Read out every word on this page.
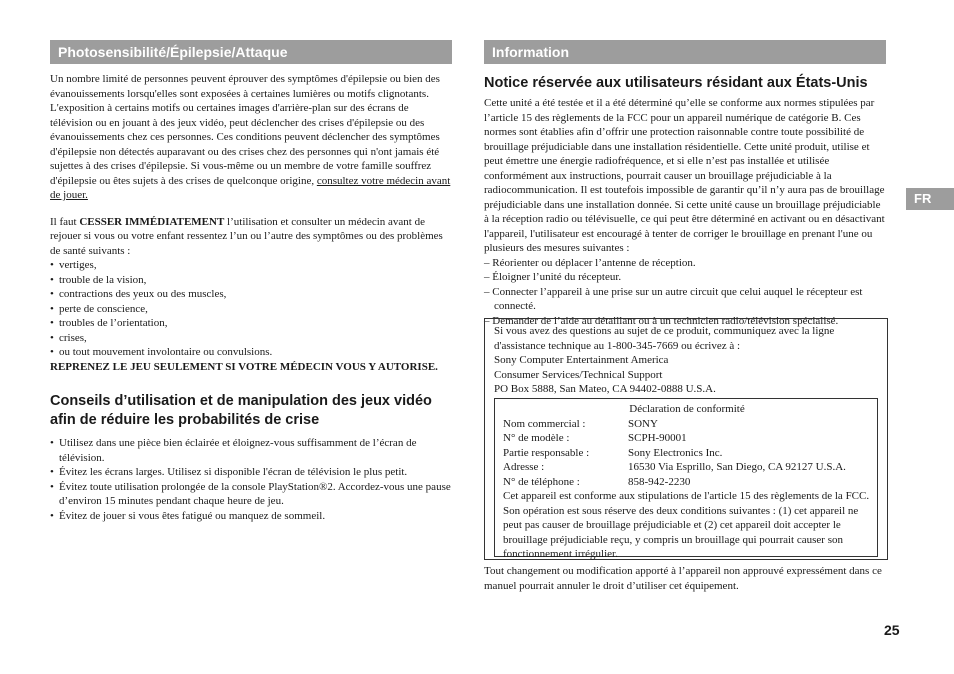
Photosensibilité/Épilepsie/Attaque

Un nombre limité de personnes peuvent éprouver des symptômes d'épilepsie ou bien des évanouissements lorsqu'elles sont exposées à certaines lumières ou motifs clignotants. L'exposition à certains motifs ou certaines images d'arrière-plan sur des écrans de télévision ou en jouant à des jeux vidéo, peut déclencher des crises d'épilepsie ou des évanouissements chez ces personnes. Ces conditions peuvent déclencher des symptômes d'épilepsie non détectés auparavant ou des crises chez des personnes qui n'ont jamais été sujettes à des crises d'épilepsie. Si vous-même ou un membre de votre famille souffrez d'épilepsie ou êtes sujets à des crises de quelconque origine, consultez votre médecin avant de jouer.

Il faut CESSER IMMÉDIATEMENT l’utilisation et consulter un médecin avant de rejouer si vous ou votre enfant ressentez l’un ou l’autre des symptômes ou des problèmes de santé suivants :

• vertiges,
• trouble de la vision,
• contractions des yeux ou des muscles,
• perte de conscience,
• troubles de l’orientation,
• crises,
• ou tout mouvement involontaire ou convulsions.
REPRENEZ LE JEU SEULEMENT SI VOTRE MÉDECIN VOUS Y AUTORISE.
Conseils d’utilisation et de manipulation des jeux vidéo afin de réduire les probabilités de crise
• Utilisez dans une pièce bien éclairée et éloignez-vous suffisamment de l’écran de télévision.
• Évitez les écrans larges. Utilisez si disponible l'écran de télévision le plus petit.
• Évitez toute utilisation prolongée de la console PlayStation®2. Accordez-vous une pause d’environ 15 minutes pendant chaque heure de jeu.
• Évitez de jouer si vous êtes fatigué ou manquez de sommeil.
Information
Notice réservée aux utilisateurs résidant aux États-Unis
Cette unité a été testée et il a été déterminé qu’elle se conforme aux normes stipulées par l’article 15 des règlements de la FCC pour un appareil numérique de catégorie B. Ces normes sont établies afin d’offrir une protection raisonnable contre toute possibilité de brouillage préjudiciable dans une installation résidentielle. Cette unité produit, utilise et peut émettre une énergie radiofréquence, et si elle n’est pas installée et utilisée conformément aux instructions, pourrait causer un brouillage préjudiciable à la radiocommunication. Il est toutefois impossible de garantir qu’il n’y aura pas de brouillage préjudiciable dans une installation donnée. Si cette unité cause un brouillage préjudiciable à la réception radio ou télévisuelle, ce qui peut être déterminé en activant ou en désactivant l'appareil, l'utilisateur est encouragé à tenter de corriger le brouillage en prenant l'une ou plusieurs des mesures suivantes :
– Réorienter ou déplacer l’antenne de réception.
– Éloigner l’unité du récepteur.
– Connecter l’appareil à une prise sur un autre circuit que celui auquel le récepteur est connecté.
– Demander de l’aide au détaillant ou à un technicien radio/télévision spécialisé.
Si vous avez des questions au sujet de ce produit, communiquez avec la ligne d'assistance technique au 1-800-345-7669 ou écrivez à :
Sony Computer Entertainment America
Consumer Services/Technical Support
PO Box 5888, San Mateo, CA 94402-0888 U.S.A.
Déclaration de conformité
Nom commercial :	SONY
N° de modèle :	SCPH-90001
Partie responsable :	Sony Electronics Inc.
Adresse :	16530 Via Esprillo, San Diego, CA 92127 U.S.A.
N° de téléphone :	858-942-2230
Cet appareil est conforme aux stipulations de l'article 15 des règlements de la FCC. Son opération est sous réserve des deux conditions suivantes : (1) cet appareil ne peut pas causer de brouillage préjudiciable et (2) cet appareil doit accepter le brouillage préjudiciable reçu, y compris un brouillage qui pourrait causer son fonctionnement irrégulier.
Tout changement ou modification apporté à l’appareil non approuvé expressément dans ce manuel pourrait annuler le droit d’utiliser cet équipement.
FR
25
